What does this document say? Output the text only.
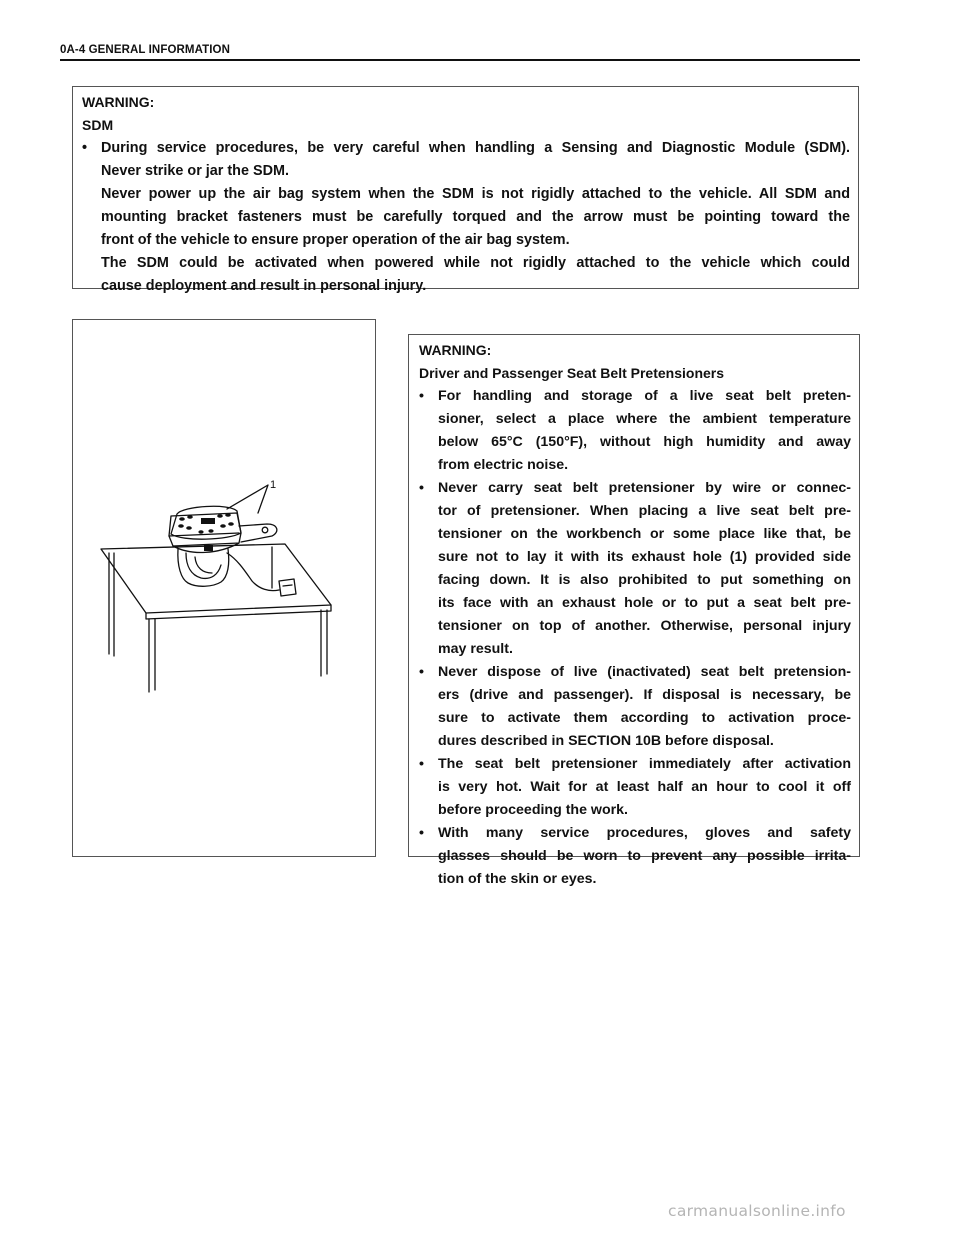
0A-4 GENERAL INFORMATION
WARNING:
SDM
• During service procedures, be very careful when handling a Sensing and Diagnostic Module (SDM).
Never strike or jar the SDM.
Never power up the air bag system when the SDM is not rigidly attached to the vehicle. All SDM and
mounting bracket fasteners must be carefully torqued and the arrow must be pointing toward the
front of the vehicle to ensure proper operation of the air bag system.
The SDM could be activated when powered while not rigidly attached to the vehicle which could
cause deployment and result in personal injury.
1
WARNING:
Driver and Passenger Seat Belt Pretensioners
• For handling and storage of a live seat belt preten-
sioner, select a place where the ambient temperature
below 65°C (150°F), without high humidity and away
from electric noise.
• Never carry seat belt pretensioner by wire or connec-
tor of pretensioner. When placing a live seat belt pre-
tensioner on the workbench or some place like that, be
sure not to lay it with its exhaust hole (1) provided side
facing down. It is also prohibited to put something on
its face with an exhaust hole or to put a seat belt pre-
tensioner on top of another. Otherwise, personal injury
may result.
• Never dispose of live (inactivated) seat belt pretension-
ers (drive and passenger). If disposal is necessary, be
sure to activate them according to activation proce-
dures described in SECTION 10B before disposal.
• The seat belt pretensioner immediately after activation
is very hot. Wait for at least half an hour to cool it off
before proceeding the work.
• With many service procedures, gloves and safety
glasses should be worn to prevent any possible irrita-
tion of the skin or eyes.
carmanualsonline.info
